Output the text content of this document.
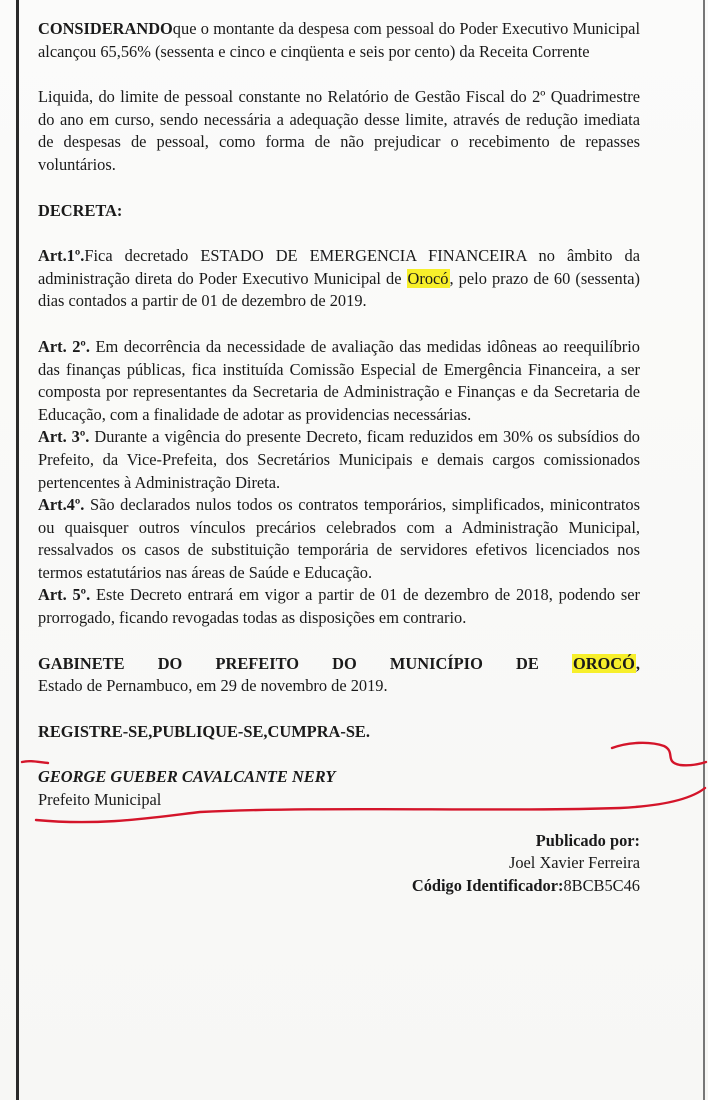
CONSIDERANDOque o montante da despesa com pessoal do Poder Executivo Municipal alcançou 65,56% (sessenta e cinco e cinqüenta e seis por cento) da Receita Corrente

Liquida, do limite de pessoal constante no Relatório de Gestão Fiscal do 2º Quadrimestre do ano em curso, sendo necessária a adequação desse limite, através de redução imediata de despesas de pessoal, como forma de não prejudicar o recebimento de repasses voluntários.

DECRETA:

Art.1º.Fica decretado ESTADO DE EMERGENCIA FINANCEIRA no âmbito da administração direta do Poder Executivo Municipal de Orocó, pelo prazo de 60 (sessenta) dias contados a partir de 01 de dezembro de 2019.

Art. 2º. Em decorrência da necessidade de avaliação das medidas idôneas ao reequilíbrio das finanças públicas, fica instituída Comissão Especial de Emergência Financeira, a ser composta por representantes da Secretaria de Administração e Finanças e da Secretaria de Educação, com a finalidade de adotar as providencias necessárias.

Art. 3º. Durante a vigência do presente Decreto, ficam reduzidos em 30% os subsídios do Prefeito, da Vice-Prefeita, dos Secretários Municipais e demais cargos comissionados pertencentes à Administração Direta.

Art.4º. São declarados nulos todos os contratos temporários, simplificados, minicontratos ou quaisquer outros vínculos precários celebrados com a Administração Municipal, ressalvados os casos de substituição temporária de servidores efetivos licenciados nos termos estatutários nas áreas de Saúde e Educação.

Art. 5º. Este Decreto entrará em vigor a partir de 01 de dezembro de 2018, podendo ser prorrogado, ficando revogadas todas as disposições em contrario.

GABINETE DO PREFEITO DO MUNICÍPIO DE OROCÓ,

Estado de Pernambuco, em 29 de novembro de 2019.

REGISTRE-SE,PUBLIQUE-SE,CUMPRA-SE.

GEORGE GUEBER CAVALCANTE NERY

Prefeito Municipal

Publicado por:

Joel Xavier Ferreira

Código Identificador:8BCB5C46
